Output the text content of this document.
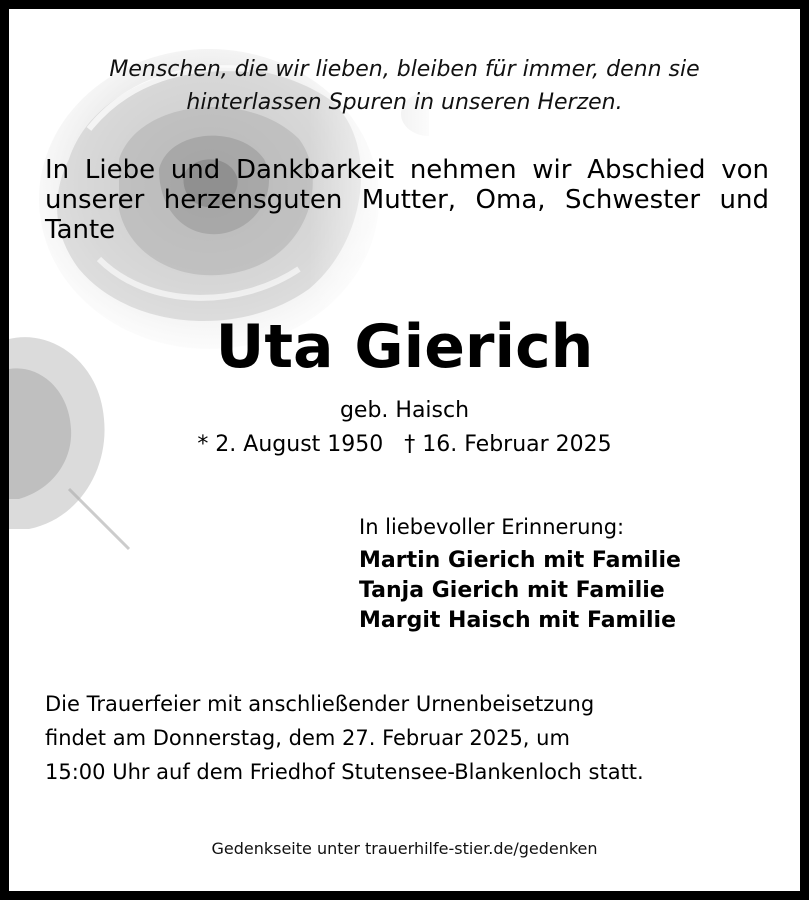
Menschen, die wir lieben, bleiben für immer, denn sie
hinterlassen Spuren in unseren Herzen.
In Liebe und Dankbarkeit nehmen wir Abschied von unserer herzensguten Mutter, Oma, Schwester und Tante
Uta Gierich
geb. Haisch
* 2. August 1950   † 16. Februar 2025
In liebevoller Erinnerung:
Martin Gierich mit Familie
Tanja Gierich mit Familie
Margit Haisch mit Familie
Die Trauerfeier mit anschließender Urnenbeisetzung
findet am Donnerstag, dem 27. Februar 2025, um
15:00 Uhr auf dem Friedhof Stutensee-Blankenloch statt.
Gedenkseite unter trauerhilfe-stier.de/gedenken
